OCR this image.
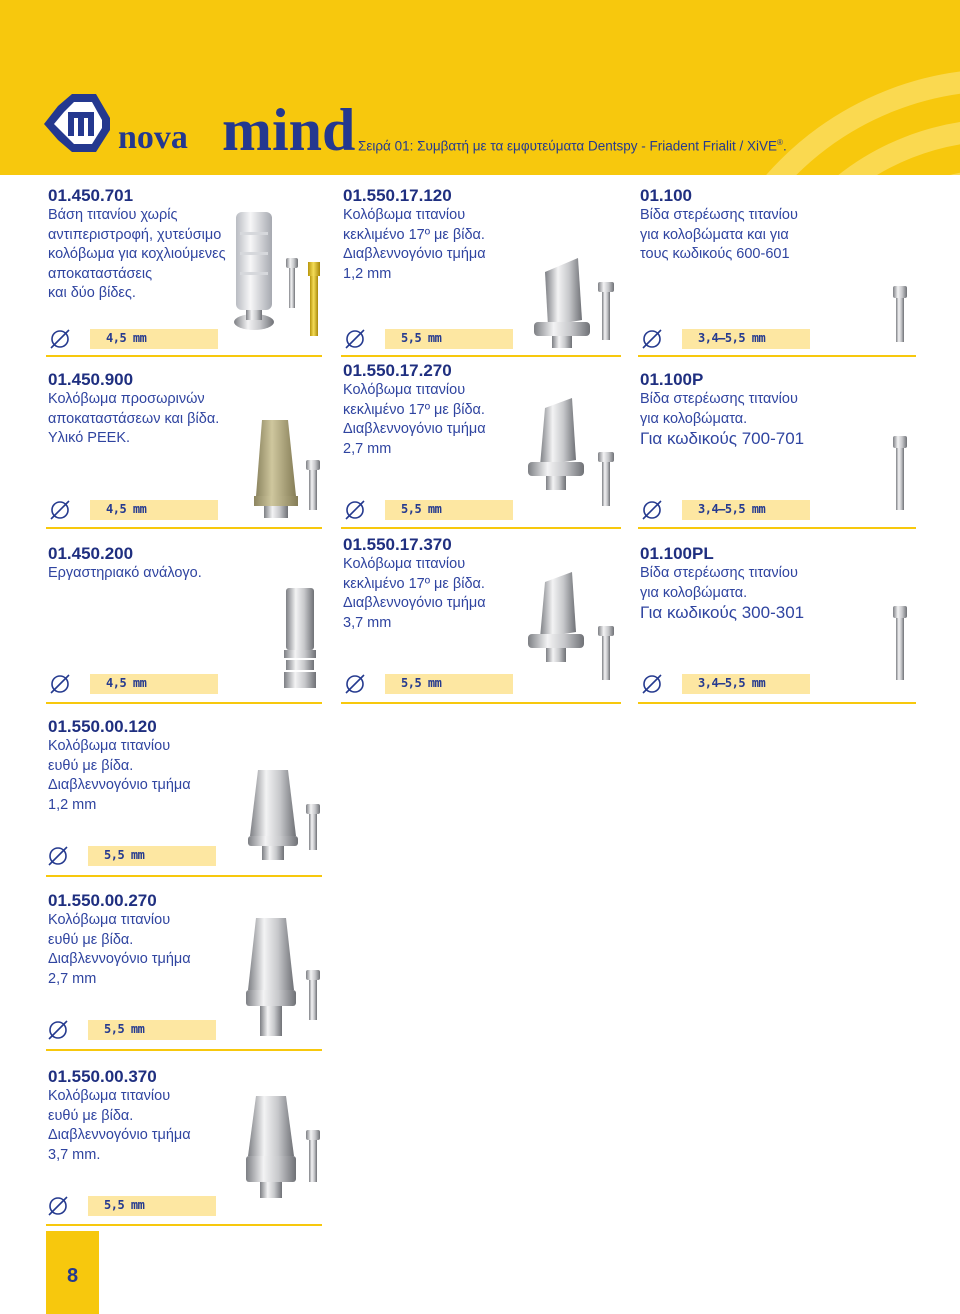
nova mind Σειρά 01: Συμβατή με τα εμφυτεύματα Dentspy - Friadent Frialit / XiVE®.
01.450.701
Βάση τιτανίου χωρίς
αντιπεριστροφή, χυτεύσιμο
κολόβωμα για κοχλιούμενες
αποκαταστάσεις
και δύο βίδες.
01.550.17.120
Κολόβωμα τιτανίου
κεκλιμένο 17º με βίδα.
Διαβλεννογόνιο τμήμα
1,2 mm
01.100
Βίδα στερέωσης τιτανίου
για κολοβώματα και για
τους κωδικούς 600-601
01.450.900
Κολόβωμα προσωρινών
αποκαταστάσεων και βίδα.
Υλικό PEEK.
01.550.17.270
Κολόβωμα τιτανίου
κεκλιμένο 17º με βίδα.
Διαβλεννογόνιο τμήμα
2,7 mm
01.100P
Βίδα στερέωσης τιτανίου
για κολοβώματα.
Για κωδικούς 700-701
01.450.200
Εργαστηριακό ανάλογο.
01.550.17.370
Κολόβωμα τιτανίου
κεκλιμένο 17º με βίδα.
Διαβλεννογόνιο τμήμα
3,7 mm
01.100PL
Βίδα στερέωσης τιτανίου
για κολοβώματα.
Για κωδικούς 300-301
01.550.00.120
Κολόβωμα τιτανίου
ευθύ με βίδα.
Διαβλεννογόνιο τμήμα
1,2 mm
01.550.00.270
Κολόβωμα τιτανίου
ευθύ με βίδα.
Διαβλεννογόνιο τμήμα
2,7 mm
01.550.00.370
Κολόβωμα τιτανίου
ευθύ με βίδα.
Διαβλεννογόνιο τμήμα
3,7 mm.
4,5 mm	5,5 mm	3,4–5,5 mm
4,5 mm	5,5 mm	3,4–5,5 mm
4,5 mm	5,5 mm	3,4–5,5 mm
5,5 mm
5,5 mm
5,5 mm
8
